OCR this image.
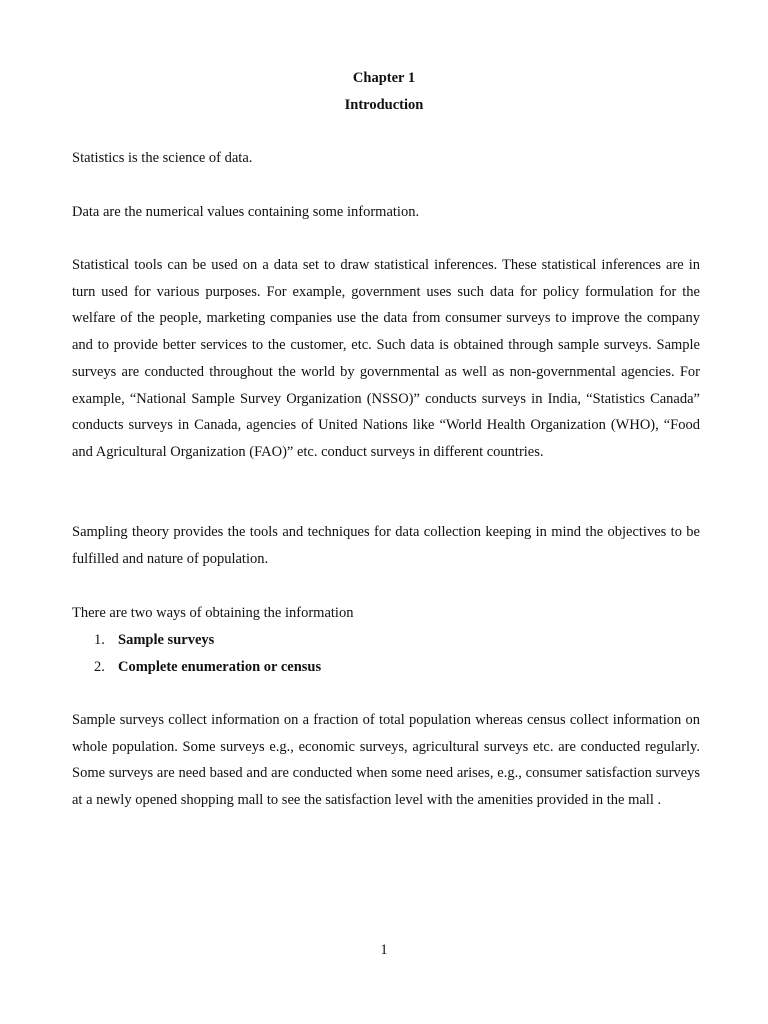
Chapter 1
Introduction

Statistics is the science of data.

Data are the numerical values containing some information.

Statistical tools can be used on a data set to draw statistical inferences. These statistical inferences are in turn used for various purposes. For example, government uses such data for policy formulation for the welfare of the people, marketing companies use the data from consumer surveys to improve the company and to provide better services to the customer, etc. Such data is obtained through sample surveys. Sample surveys are conducted throughout the world by governmental as well as non-governmental agencies. For example, “National Sample Survey Organization (NSSO)” conducts surveys in India, “Statistics Canada” conducts surveys in Canada, agencies of United Nations like “World Health Organization (WHO), “Food and Agricultural Organization (FAO)” etc. conduct surveys in different countries.

Sampling theory provides the tools and techniques for data collection keeping in mind the objectives to be fulfilled and nature of population.

There are two ways of obtaining the information

1. Sample surveys
2. Complete enumeration or census

Sample surveys collect information on a fraction of total population whereas census collect information on whole population. Some surveys e.g., economic surveys, agricultural surveys etc. are conducted regularly. Some surveys are need based and are conducted when some need arises, e.g., consumer satisfaction surveys at a newly opened shopping mall to see the satisfaction level with the amenities provided in the mall .

1
